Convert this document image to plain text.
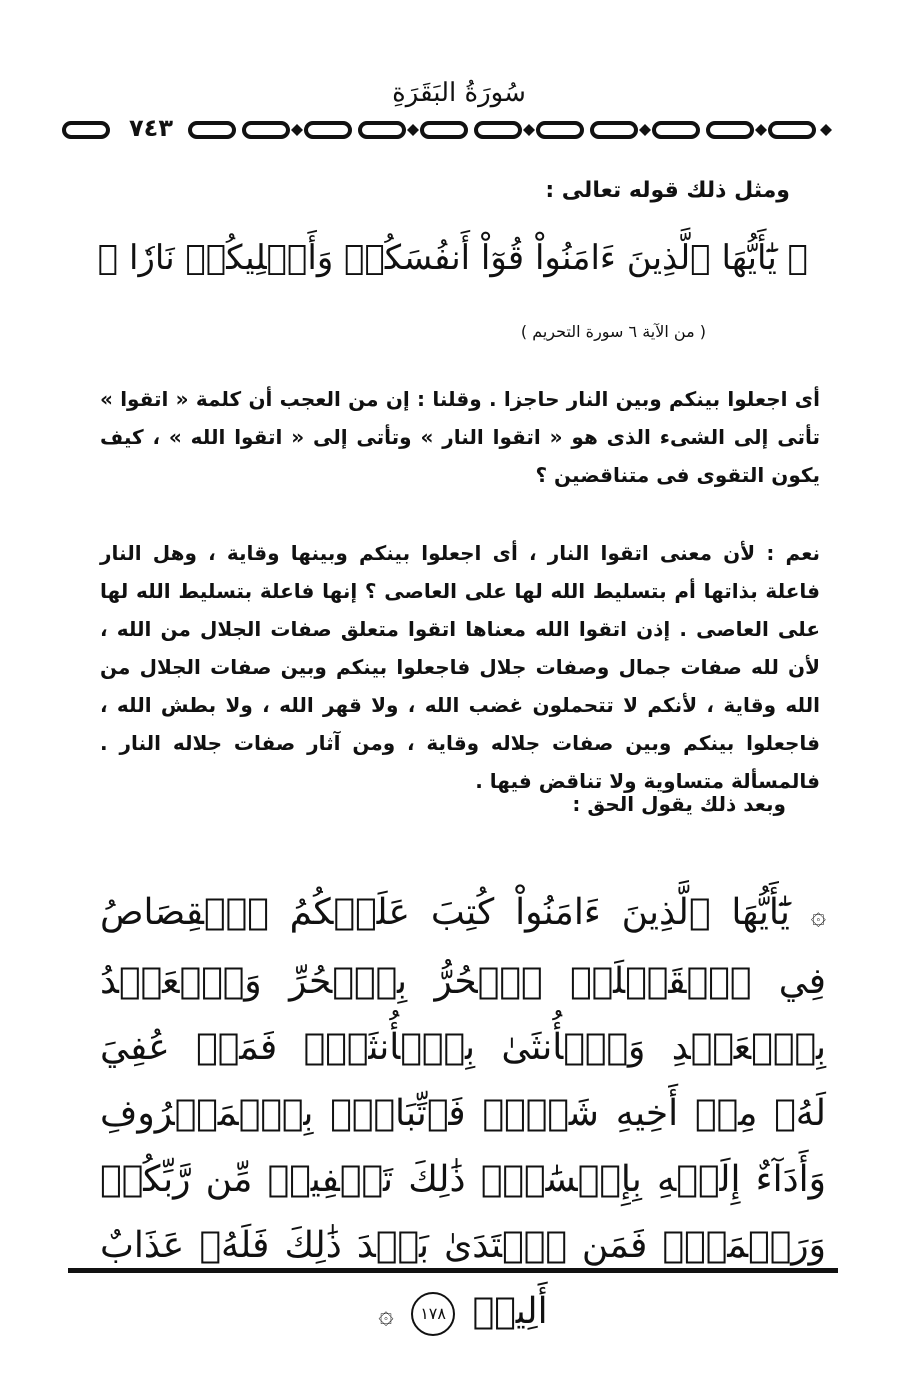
سُورَةُ البَقَرَةِ
٧٤٣
ومثل ذلك قوله تعالى :
﴿ يَٰٓأَيُّهَا ٱلَّذِينَ ءَامَنُواْ قُوٓاْ أَنفُسَكُمۡ وَأَهۡلِيكُمۡ نَارٗا ﴾
( من الآية ٦ سورة التحريم )
أى اجعلوا بينكم وبين النار حاجزا . وقلنا : إن من العجب أن كلمة « اتقوا » تأتى إلى الشىء الذى هو « اتقوا النار » وتأتى إلى « اتقوا الله » ، كيف يكون التقوى فى متناقضين ؟
نعم : لأن معنى اتقوا النار ، أى اجعلوا بينكم وبينها وقاية ، وهل النار فاعلة بذاتها أم بتسليط الله لها على العاصى ؟ إنها فاعلة بتسليط الله لها على العاصى . إذن اتقوا الله معناها اتقوا متعلق صفات الجلال من الله ، لأن لله صفات جمال وصفات جلال فاجعلوا بينكم وبين صفات الجلال من الله وقاية ، لأنكم لا تتحملون غضب الله ، ولا قهر الله ، ولا بطش الله ، فاجعلوا بينكم وبين صفات جلاله وقاية ، ومن آثار صفات جلاله النار . فالمسألة متساوية ولا تناقض فيها .
وبعد ذلك يقول الحق :
۞ يَٰٓأَيُّهَا ٱلَّذِينَ ءَامَنُواْ كُتِبَ عَلَيۡكُمُ ٱلۡقِصَاصُ فِي ٱلۡقَتۡلَىۖ ٱلۡحُرُّ بِٱلۡحُرِّ وَٱلۡعَبۡدُ بِٱلۡعَبۡدِ وَٱلۡأُنثَىٰ بِٱلۡأُنثَىٰۚ فَمَنۡ عُفِيَ لَهُۥ مِنۡ أَخِيهِ شَيۡءٞ فَٱتِّبَاعُۢ بِٱلۡمَعۡرُوفِ وَأَدَآءٌ إِلَيۡهِ بِإِحۡسَٰنٖۗ ذَٰلِكَ تَخۡفِيفٞ مِّن رَّبِّكُمۡ وَرَحۡمَةٞۗ فَمَنِ ٱعۡتَدَىٰ بَعۡدَ ذَٰلِكَ فَلَهُۥ عَذَابٌ أَلِيمٞ ١٧٨ ۞
